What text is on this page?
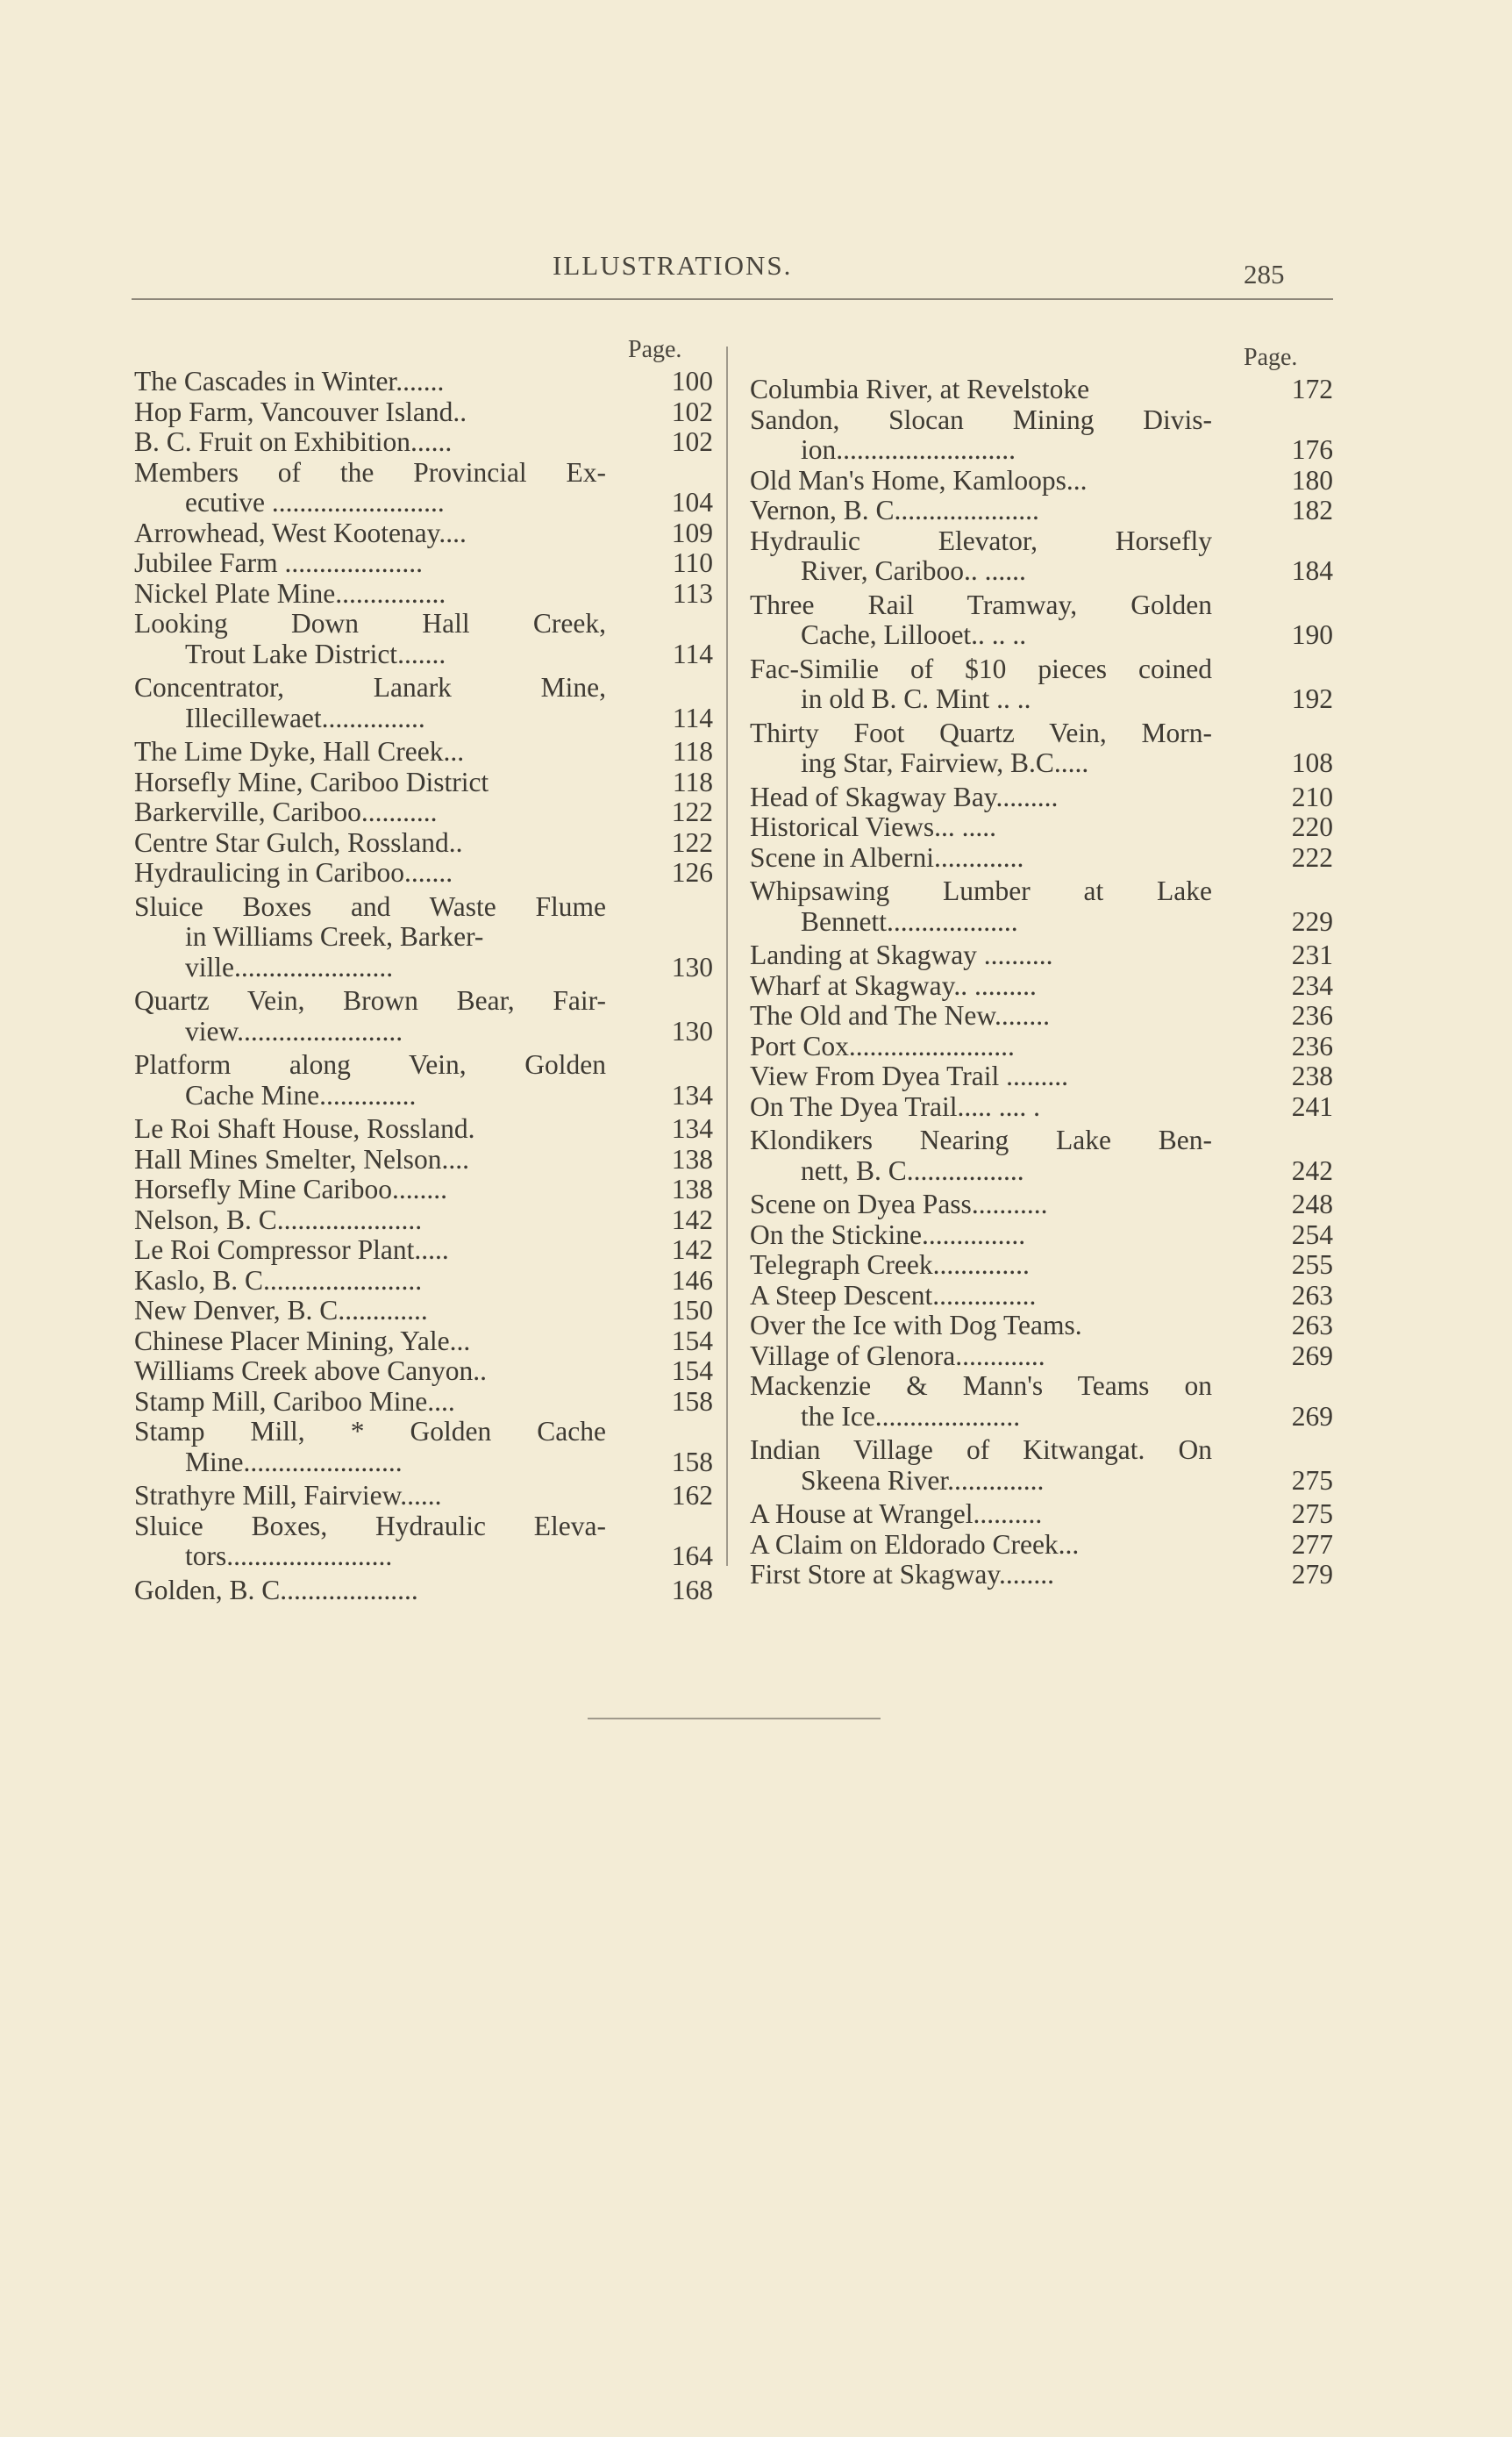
ILLUSTRATIONS.	285
Page.	Page.
The Cascades in Winter.......	100
Hop Farm, Vancouver Island..	102
B. C. Fruit on Exhibition......	102
Members of the Provincial Ex-
ecutive .........................	104
Arrowhead, West Kootenay....	109
Jubilee Farm ....................	110
Nickel Plate Mine................	113
Looking Down Hall Creek,
Trout Lake District.......	114
Concentrator, Lanark Mine,
Illecillewaet...............	114
The Lime Dyke, Hall Creek...	118
Horsefly Mine, Cariboo District	118
Barkerville, Cariboo...........	122
Centre Star Gulch, Rossland..	122
Hydraulicing in Cariboo.......	126
Sluice Boxes and Waste Flume
in Williams Creek, Barker-
ville.......................	130
Quartz Vein, Brown Bear, Fair-
view........................	130
Platform along Vein, Golden
Cache Mine..............	134
Le Roi Shaft House, Rossland.	134
Hall Mines Smelter, Nelson....	138
Horsefly Mine Cariboo........	138
Nelson, B. C.....................	142
Le Roi Compressor Plant.....	142
Kaslo, B. C.......................	146
New Denver, B. C.............	150
Chinese Placer Mining, Yale...	154
Williams Creek above Canyon..	154
Stamp Mill, Cariboo Mine....	158
Stamp Mill, * Golden Cache
Mine.......................	158
Strathyre Mill, Fairview......	162
Sluice Boxes, Hydraulic Eleva-
tors........................	164
Golden, B. C....................	168
Columbia River, at Revelstoke	172
Sandon, Slocan Mining Divis-
ion..........................	176
Old Man's Home, Kamloops...	180
Vernon, B. C.....................	182
Hydraulic Elevator, Horsefly
River, Cariboo.. ......	184
Three Rail Tramway, Golden
Cache, Lillooet.. .. ..	190
Fac-Similie of $10 pieces coined
in old B. C. Mint .. ..	192
Thirty Foot Quartz Vein, Morn-
ing Star, Fairview, B.C.....	108
Head of Skagway Bay.........	210
Historical Views... .....	220
Scene in Alberni.............	222
Whipsawing Lumber at Lake
Bennett...................	229
Landing at Skagway ..........	231
Wharf at Skagway.. .........	234
The Old and The New........	236
Port Cox........................	236
View From Dyea Trail .........	238
On The Dyea Trail..... .... .	241
Klondikers Nearing Lake Ben-
nett, B. C.................	242
Scene on Dyea Pass...........	248
On the Stickine...............	254
Telegraph Creek..............	255
A Steep Descent...............	263
Over the Ice with Dog Teams.	263
Village of Glenora.............	269
Mackenzie & Mann's Teams on
the Ice.....................	269
Indian Village of Kitwangat. On
Skeena River..............	275
A House at Wrangel..........	275
A Claim on Eldorado Creek...	277
First Store at Skagway........	279
